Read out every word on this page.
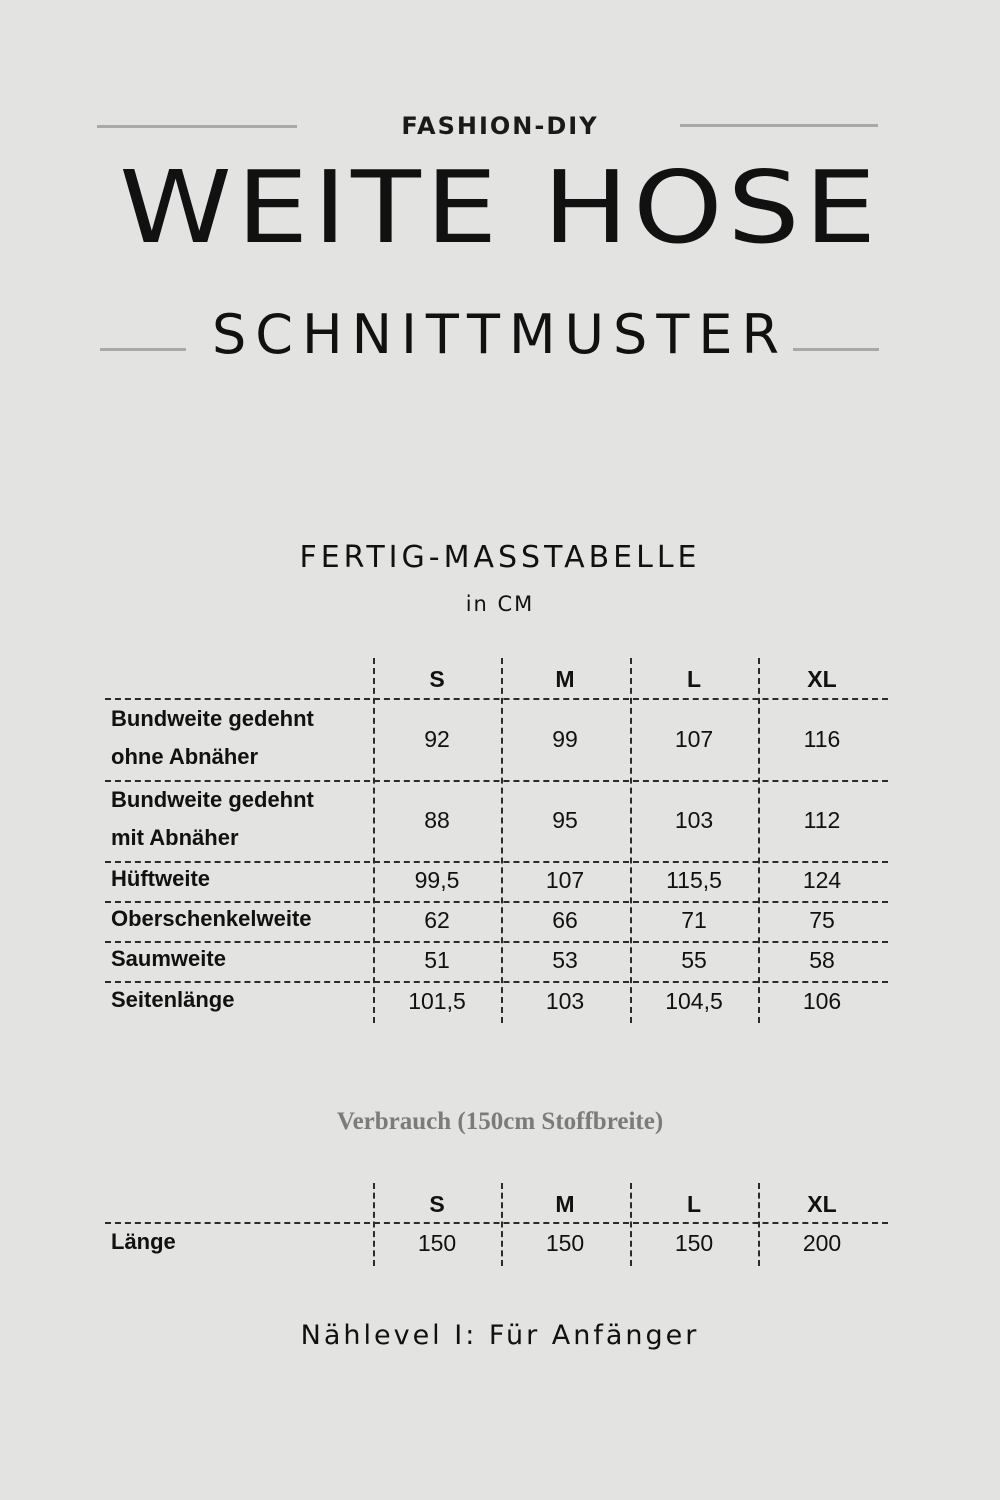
FASHION-DIY
WEITE HOSE
SCHNITTMUSTER
FERTIG-MASSTABELLE
in CM
S	M	L	XL
Bundweite gedehnt
ohne Abnäher
92	99	107	116
Bundweite gedehnt
mit Abnäher
88	95	103	112
Hüftweite	99,5	107	115,5	124
Oberschenkelweite	62	66	71	75
Saumweite	51	53	55	58
Seitenlänge	101,5	103	104,5	106
Verbrauch (150cm Stoffbreite)
S	M	L	XL
Länge	150	150	150	200
Nählevel I: Für Anfänger
